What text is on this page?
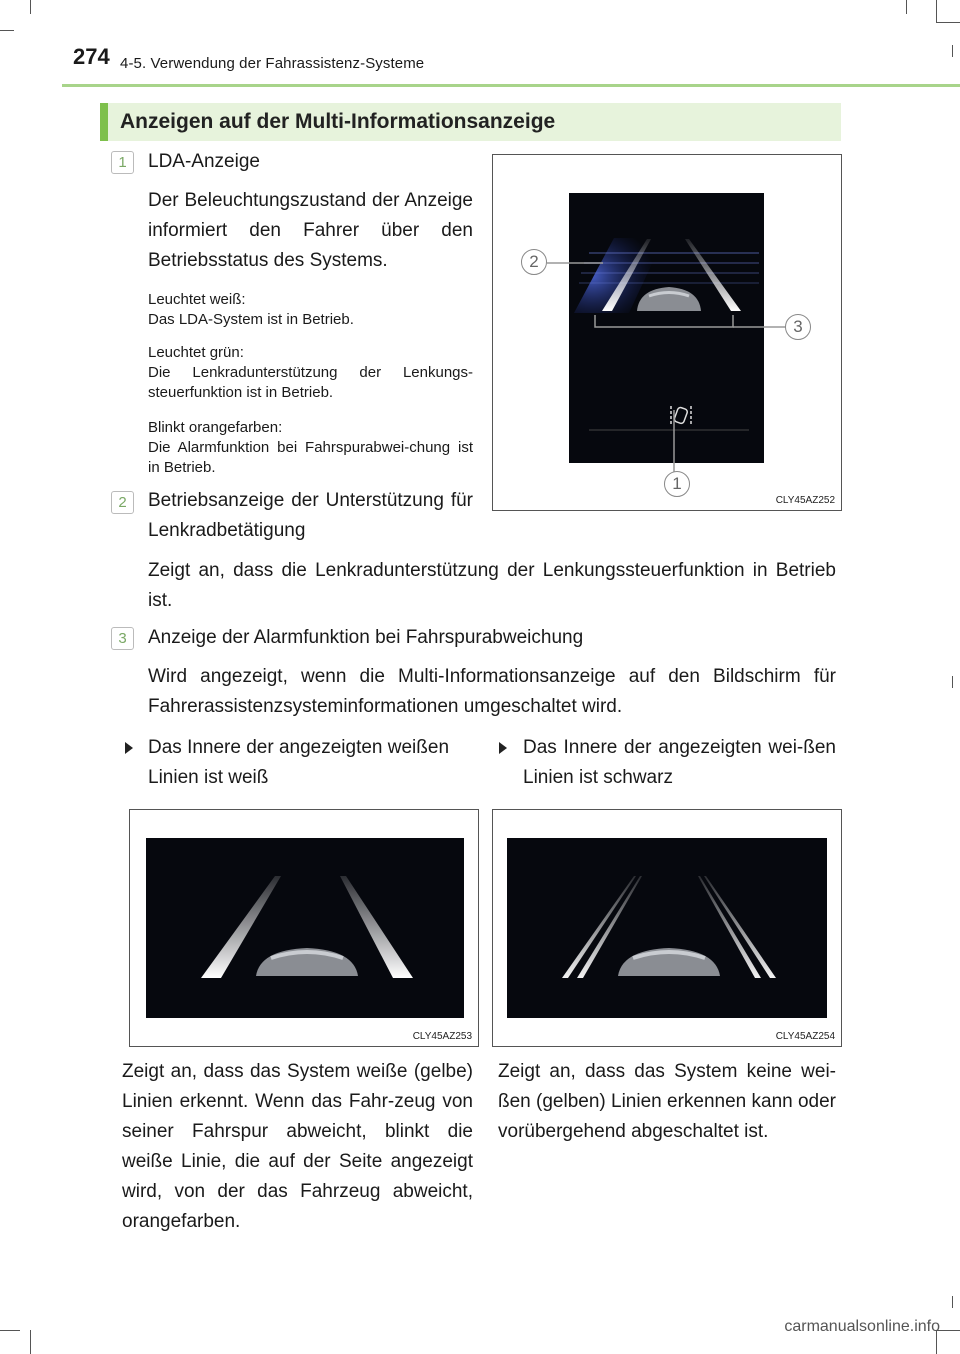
274 4-5. Verwendung der Fahrassistenz-Systeme
Anzeigen auf der Multi-Informationsanzeige
1	LDA-Anzeige
Der Beleuchtungszustand der Anzeige informiert den Fahrer über den Betriebsstatus des Systems.
Leuchtet weiß:
Das LDA-System ist in Betrieb.
Leuchtet grün:
Die Lenkradunterstützung der Lenkungs-steuerfunktion ist in Betrieb.
Blinkt orangefarben:
Die Alarmfunktion bei Fahrspurabwei-chung ist in Betrieb.
2	Betriebsanzeige der Unterstützung für Lenkradbetätigung
Zeigt an, dass die Lenkradunterstützung der Lenkungssteuerfunktion in Betrieb ist.
3	Anzeige der Alarmfunktion bei Fahrspurabweichung
Wird angezeigt, wenn die Multi-Informationsanzeige auf den Bildschirm für Fahrerassistenzsysteminformationen umgeschaltet wird.
2
3
1
CLY45AZ252
Das Innere der angezeigten weißen Linien ist weiß
Das Innere der angezeigten wei-ßen Linien ist schwarz
CLY45AZ253	CLY45AZ254
Zeigt an, dass das System weiße (gelbe) Linien erkennt. Wenn das Fahr-zeug von seiner Fahrspur abweicht, blinkt die weiße Linie, die auf der Seite angezeigt wird, von der das Fahrzeug abweicht, orangefarben.
Zeigt an, dass das System keine wei-ßen (gelben) Linien erkennen kann oder vorübergehend abgeschaltet ist.
carmanualsonline.info
